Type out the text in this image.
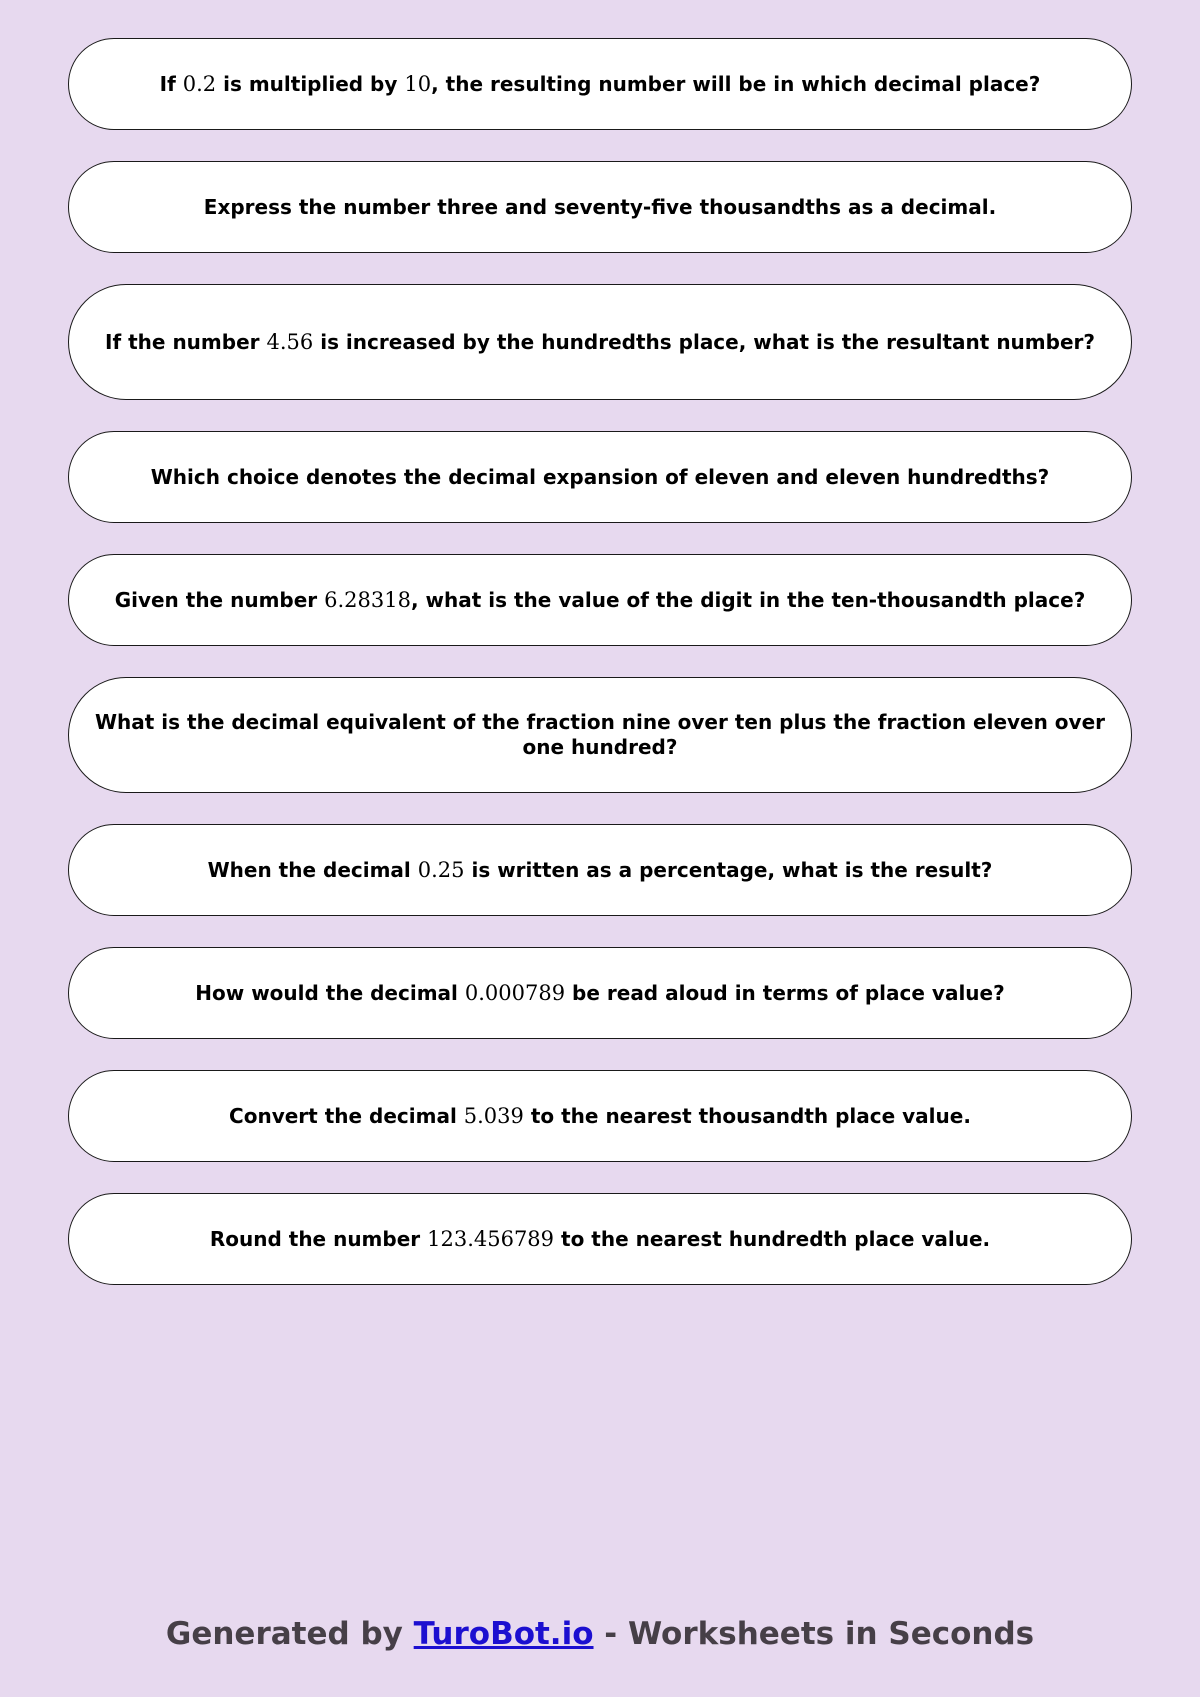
If 0.2 is multiplied by 10, the resulting number will be in which decimal place?
Express the number three and seventy-five thousandths as a decimal.
If the number 4.56 is increased by the hundredths place, what is the resultant number?
Which choice denotes the decimal expansion of eleven and eleven hundredths?
Given the number 6.28318, what is the value of the digit in the ten-thousandth place?
What is the decimal equivalent of the fraction nine over ten plus the fraction eleven over one hundred?
When the decimal 0.25 is written as a percentage, what is the result?
How would the decimal 0.000789 be read aloud in terms of place value?
Convert the decimal 5.039 to the nearest thousandth place value.
Round the number 123.456789 to the nearest hundredth place value.
Generated by TuroBot.io - Worksheets in Seconds
